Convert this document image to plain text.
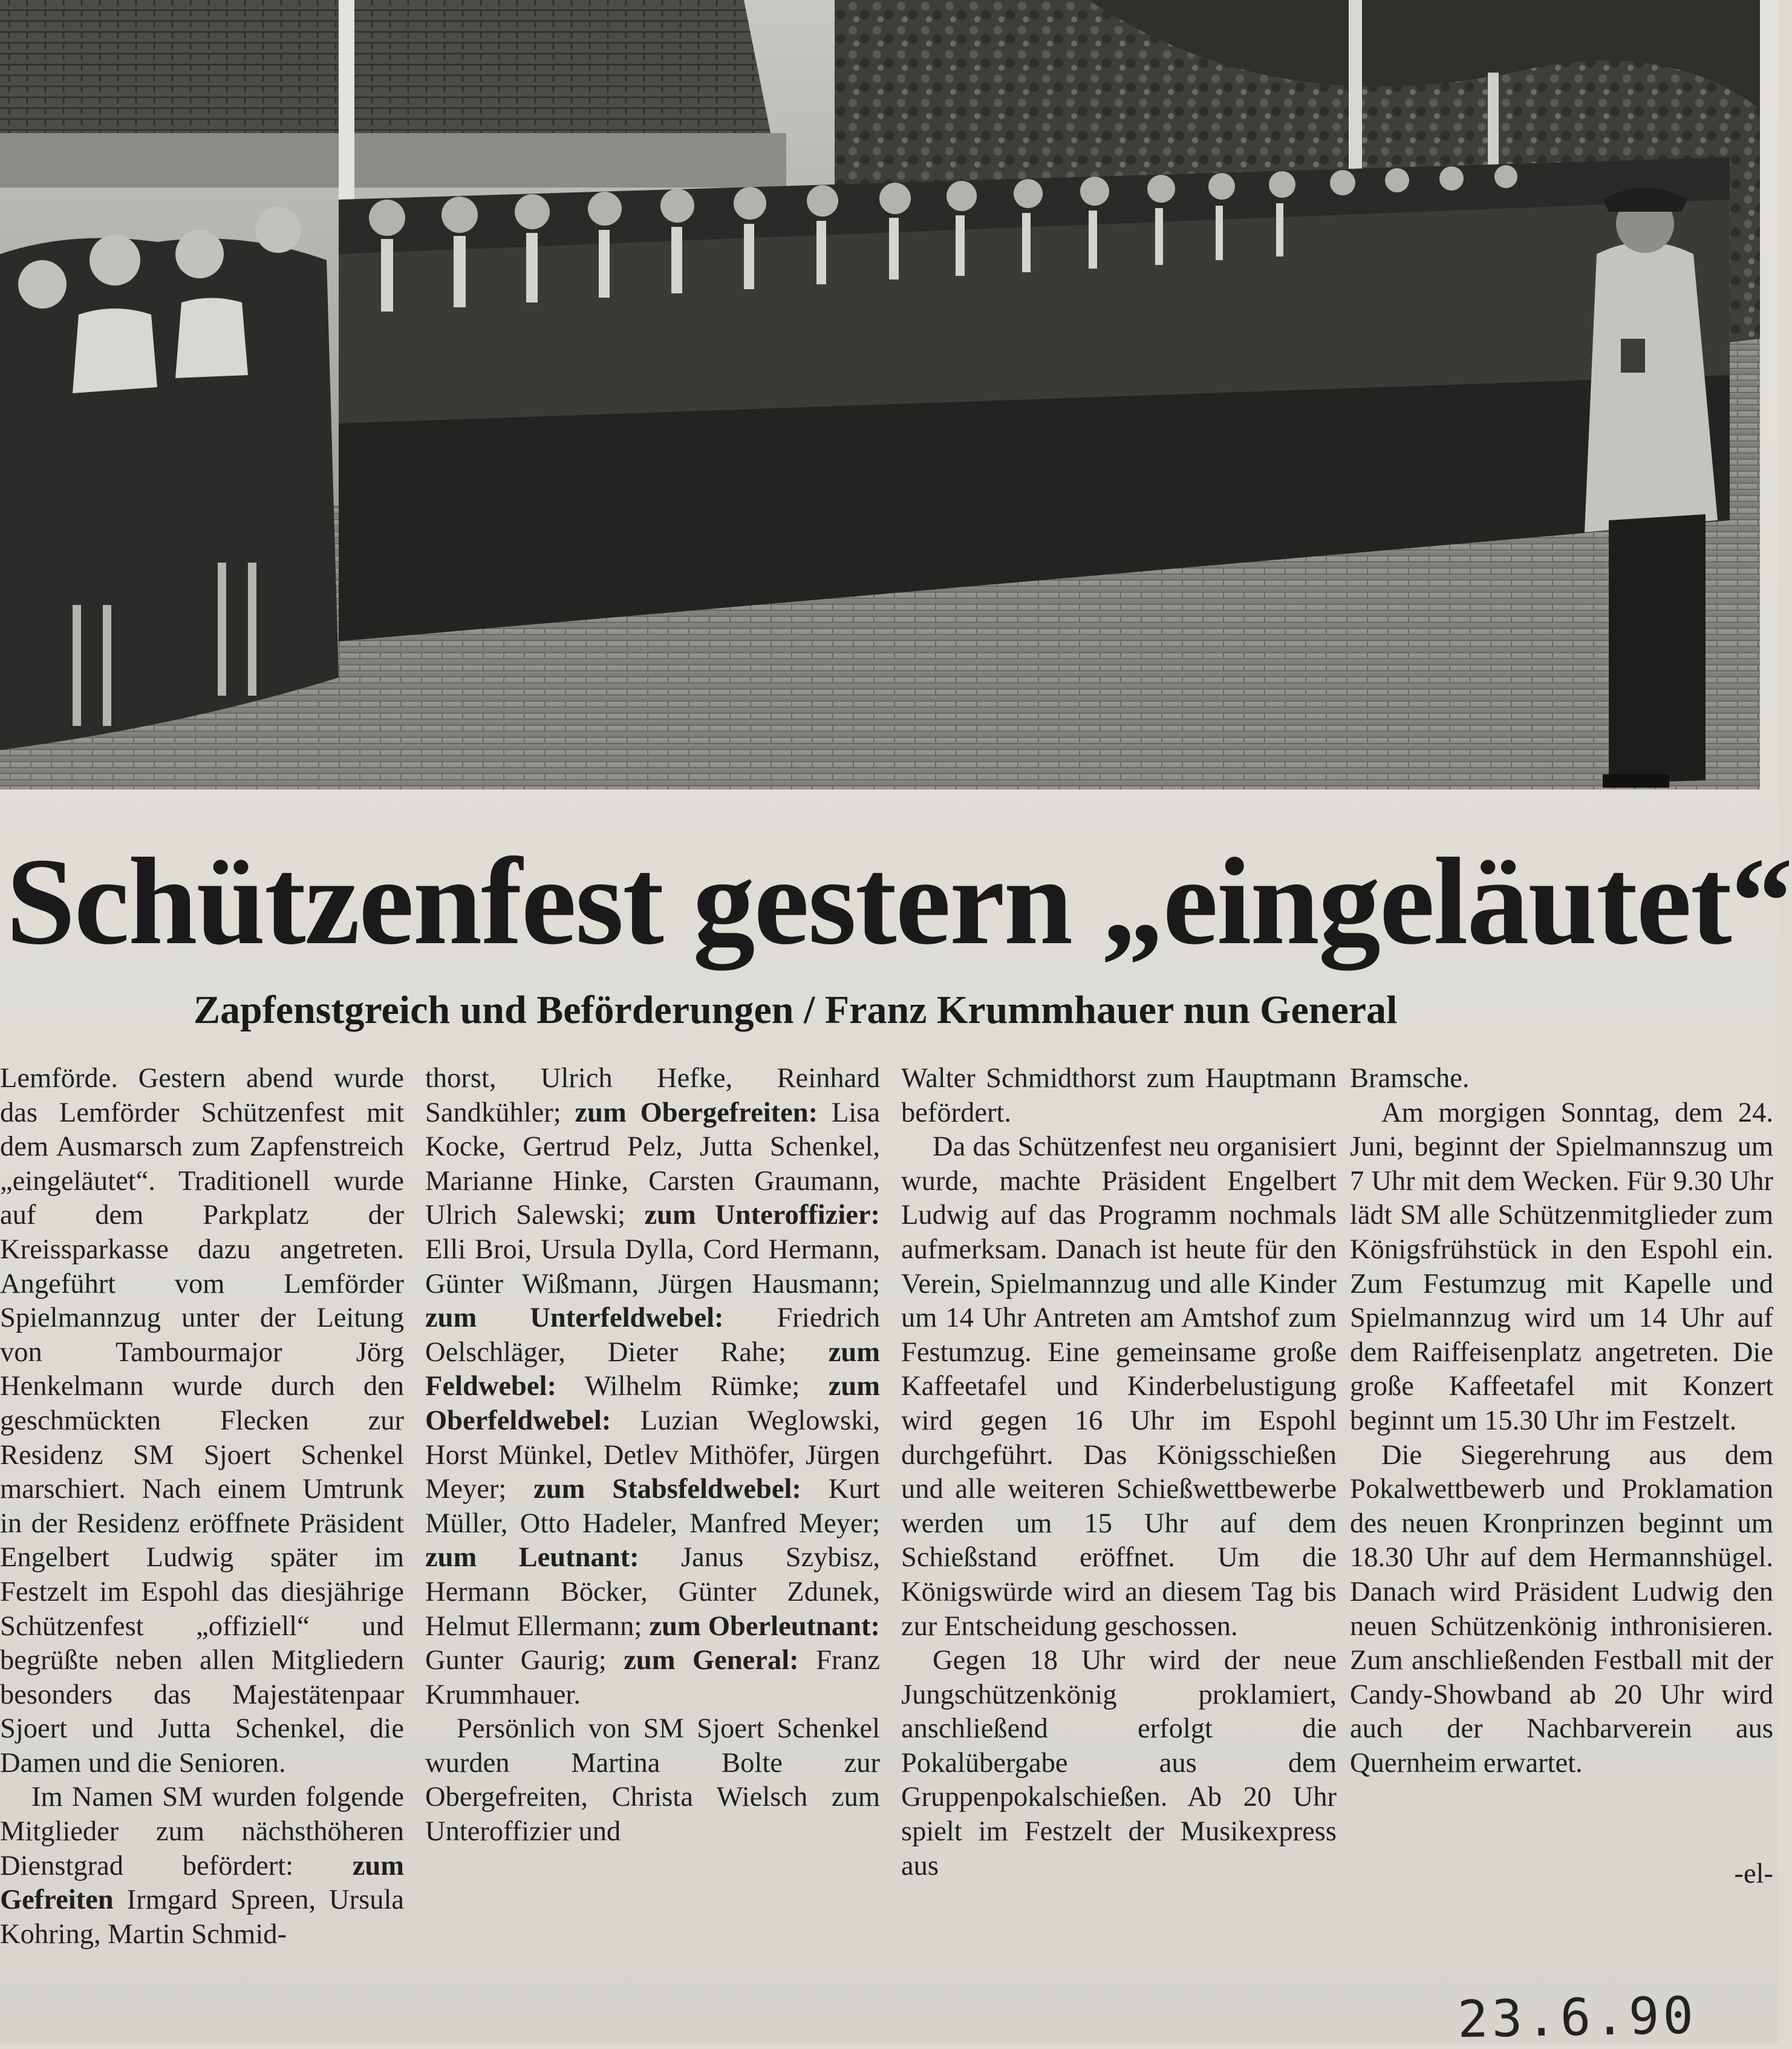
Schützenfest gestern „eingeläutet“
Zapfenstgreich und Beförderungen / Franz Krummhauer nun General

Lemförde. Gestern abend wurde das Lemförder Schützenfest mit dem Ausmarsch zum Zapfenstreich „eingeläutet“. Traditionell wurde auf dem Parkplatz der Kreissparkasse dazu angetreten. Angeführt vom Lemförder Spielmannzug unter der Leitung von Tambourmajor Jörg Henkelmann wurde durch den geschmückten Flecken zur Residenz SM Sjoert Schenkel marschiert. Nach einem Umtrunk in der Residenz eröffnete Präsident Engelbert Ludwig später im Festzelt im Espohl das diesjährige Schützenfest „offiziell“ und begrüßte neben allen Mitgliedern besonders das Majestätenpaar Sjoert und Jutta Schenkel, die Damen und die Senioren.

Im Namen SM wurden folgende Mitglieder zum nächsthöheren Dienstgrad befördert: zum Gefreiten Irmgard Spreen, Ursula Kohring, Martin Schmid-

thorst, Ulrich Hefke, Reinhard Sandkühler; zum Obergefreiten: Lisa Kocke, Gertrud Pelz, Jutta Schenkel, Marianne Hinke, Carsten Graumann, Ulrich Salewski; zum Unteroffizier: Elli Broi, Ursula Dylla, Cord Hermann, Günter Wißmann, Jürgen Hausmann; zum Unterfeldwebel: Friedrich Oelschläger, Dieter Rahe; zum Feldwebel: Wilhelm Rümke; zum Oberfeldwebel: Luzian Weglowski, Horst Münkel, Detlev Mithöfer, Jürgen Meyer; zum Stabsfeldwebel: Kurt Müller, Otto Hadeler, Manfred Meyer; zum Leutnant: Janus Szybisz, Hermann Böcker, Günter Zdunek, Helmut Ellermann; zum Oberleutnant: Gunter Gaurig; zum General: Franz Krummhauer.

Persönlich von SM Sjoert Schenkel wurden Martina Bolte zur Obergefreiten, Christa Wielsch zum Unteroffizier und

Walter Schmidthorst zum Hauptmann befördert.

Da das Schützenfest neu organisiert wurde, machte Präsident Engelbert Ludwig auf das Programm nochmals aufmerksam. Danach ist heute für den Verein, Spielmannzug und alle Kinder um 14 Uhr Antreten am Amtshof zum Festumzug. Eine gemeinsame große Kaffeetafel und Kinderbelustigung wird gegen 16 Uhr im Espohl durchgeführt. Das Königsschießen und alle weiteren Schießwettbewerbe werden um 15 Uhr auf dem Schießstand eröffnet. Um die Königswürde wird an diesem Tag bis zur Entscheidung geschossen.

Gegen 18 Uhr wird der neue Jungschützenkönig proklamiert, anschließend erfolgt die Pokalübergabe aus dem Gruppenpokalschießen. Ab 20 Uhr spielt im Festzelt der Musikexpress aus

Bramsche.

Am morgigen Sonntag, dem 24. Juni, beginnt der Spielmannszug um 7 Uhr mit dem Wecken. Für 9.30 Uhr lädt SM alle Schützenmitglieder zum Königsfrühstück in den Espohl ein. Zum Festumzug mit Kapelle und Spielmannzug wird um 14 Uhr auf dem Raiffeisenplatz angetreten. Die große Kaffeetafel mit Konzert beginnt um 15.30 Uhr im Festzelt.

Die Siegerehrung aus dem Pokalwettbewerb und Proklamation des neuen Kronprinzen beginnt um 18.30 Uhr auf dem Hermannshügel. Danach wird Präsident Ludwig den neuen Schützenkönig inthronisieren. Zum anschließenden Festball mit der Candy-Showband ab 20 Uhr wird auch der Nachbarverein aus Quernheim erwartet.

-el-

23.6.90
